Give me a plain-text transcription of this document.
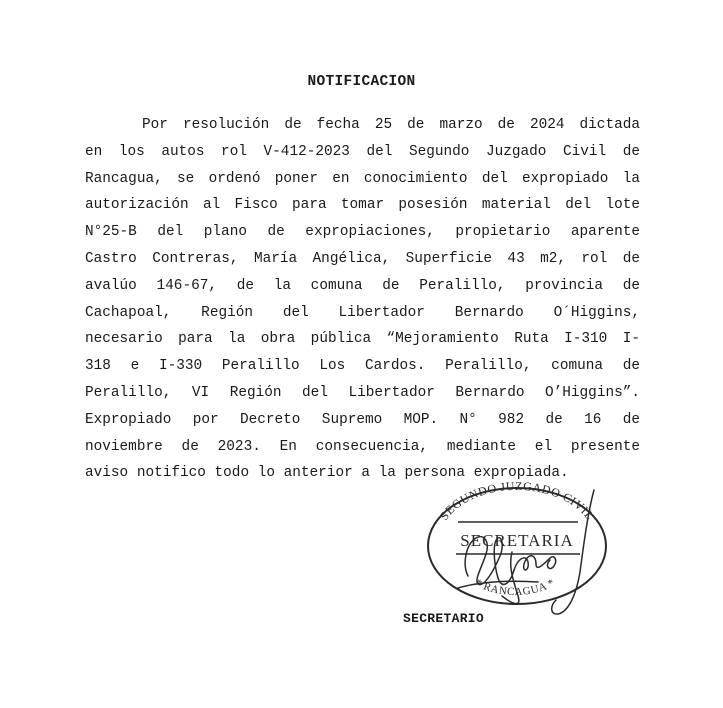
NOTIFICACION
Por resolución de fecha 25 de marzo de 2024 dictada
en los autos rol V-412-2023 del Segundo Juzgado Civil de
Rancagua, se ordenó poner en conocimiento del expropiado la
autorización al Fisco para tomar posesión material del lote
N°25-B del plano de expropiaciones, propietario aparente
Castro Contreras, María Angélica, Superficie 43 m2, rol de
avalúo 146-67, de la comuna de Peralillo, provincia de
Cachapoal, Región del Libertador Bernardo O´Higgins,
necesario para la obra pública “Mejoramiento Ruta I-310 I-
318 e I-330 Peralillo Los Cardos. Peralillo, comuna de
Peralillo, VI Región del Libertador Bernardo O’Higgins”.
Expropiado por Decreto Supremo MOP. N° 982 de 16 de
noviembre de 2023. En consecuencia, mediante el presente
aviso notifico todo lo anterior a la persona expropiada.
SEGUNDO JUZGADO CIVIL
SECRETARIA
* RANCAGUA *
SECRETARIO
